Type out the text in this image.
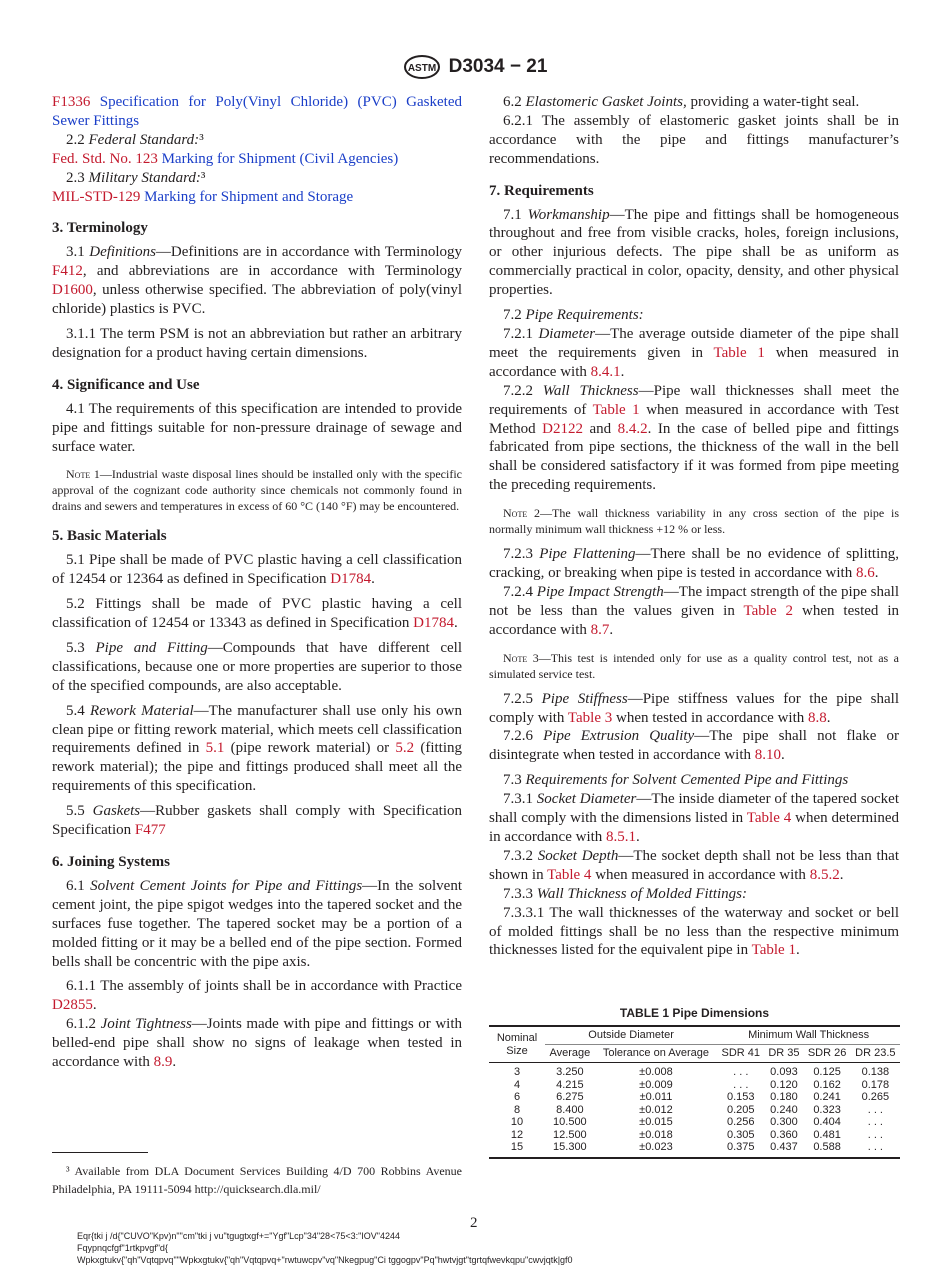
ASTM D3034 − 21

F1336 Specification for Poly(Vinyl Chloride) (PVC) Gasketed Sewer Fittings

2.2 Federal Standard:³

Fed. Std. No. 123 Marking for Shipment (Civil Agencies)

2.3 Military Standard:³

MIL-STD-129 Marking for Shipment and Storage

3. Terminology

3.1 Definitions—Definitions are in accordance with Terminology F412, and abbreviations are in accordance with Terminology D1600, unless otherwise specified. The abbreviation of poly(vinyl chloride) plastics is PVC.

3.1.1 The term PSM is not an abbreviation but rather an arbitrary designation for a product having certain dimensions.

4. Significance and Use

4.1 The requirements of this specification are intended to provide pipe and fittings suitable for non-pressure drainage of sewage and surface water.

Note 1—Industrial waste disposal lines should be installed only with the specific approval of the cognizant code authority since chemicals not commonly found in drains and sewers and temperatures in excess of 60 °C (140 °F) may be encountered.

5. Basic Materials

5.1 Pipe shall be made of PVC plastic having a cell classification of 12454 or 12364 as defined in Specification D1784.

5.2 Fittings shall be made of PVC plastic having a cell classification of 12454 or 13343 as defined in Specification D1784.

5.3 Pipe and Fitting—Compounds that have different cell classifications, because one or more properties are superior to those of the specified compounds, are also acceptable.

5.4 Rework Material—The manufacturer shall use only his own clean pipe or fitting rework material, which meets cell classification requirements defined in 5.1 (pipe rework material) or 5.2 (fitting rework material); the pipe and fittings produced shall meet all the requirements of this specification.

5.5 Gaskets—Rubber gaskets shall comply with Specification Specification F477

6. Joining Systems

6.1 Solvent Cement Joints for Pipe and Fittings—In the solvent cement joint, the pipe spigot wedges into the tapered socket and the surfaces fuse together. The tapered socket may be a portion of a molded fitting or it may be a belled end of the pipe section. Formed bells shall be concentric with the pipe axis.

6.1.1 The assembly of joints shall be in accordance with Practice D2855.

6.1.2 Joint Tightness—Joints made with pipe and fittings or with belled-end pipe shall show no signs of leakage when tested in accordance with 8.9.

6.2 Elastomeric Gasket Joints, providing a water-tight seal.

6.2.1 The assembly of elastomeric gasket joints shall be in accordance with the pipe and fittings manufacturer’s recommendations.

7. Requirements

7.1 Workmanship—The pipe and fittings shall be homogeneous throughout and free from visible cracks, holes, foreign inclusions, or other injurious defects. The pipe shall be as uniform as commercially practical in color, opacity, density, and other physical properties.

7.2 Pipe Requirements:

7.2.1 Diameter—The average outside diameter of the pipe shall meet the requirements given in Table 1 when measured in accordance with 8.4.1.

7.2.2 Wall Thickness—Pipe wall thicknesses shall meet the requirements of Table 1 when measured in accordance with Test Method D2122 and 8.4.2. In the case of belled pipe and fittings fabricated from pipe sections, the thickness of the wall in the bell shall be considered satisfactory if it was formed from pipe meeting the preceding requirements.

Note 2—The wall thickness variability in any cross section of the pipe is normally minimum wall thickness +12 % or less.

7.2.3 Pipe Flattening—There shall be no evidence of splitting, cracking, or breaking when pipe is tested in accordance with 8.6.

7.2.4 Pipe Impact Strength—The impact strength of the pipe shall not be less than the values given in Table 2 when tested in accordance with 8.7.

Note 3—This test is intended only for use as a quality control test, not as a simulated service test.

7.2.5 Pipe Stiffness—Pipe stiffness values for the pipe shall comply with Table 3 when tested in accordance with 8.8.

7.2.6 Pipe Extrusion Quality—The pipe shall not flake or disintegrate when tested in accordance with 8.10.

7.3 Requirements for Solvent Cemented Pipe and Fittings

7.3.1 Socket Diameter—The inside diameter of the tapered socket shall comply with the dimensions listed in Table 4 when determined in accordance with 8.5.1.

7.3.2 Socket Depth—The socket depth shall not be less than that shown in Table 4 when measured in accordance with 8.5.2.

7.3.3 Wall Thickness of Molded Fittings:

7.3.3.1 The wall thicknesses of the waterway and socket or bell of molded fittings shall be no less than the respective minimum thicknesses listed for the equivalent pipe in Table 1.

TABLE 1 Pipe Dimensions
Nominal Size	Outside Diameter		Minimum Wall Thickness			
	Average	Tolerance on Average	SDR 41	DR 35	SDR 26	DR 23.5
3	3.250	±0.008	. . .	0.093	0.125	0.138
4	4.215	±0.009	. . .	0.120	0.162	0.178
6	6.275	±0.011	0.153	0.180	0.241	0.265
8	8.400	±0.012	0.205	0.240	0.323	. . .
10	10.500	±0.015	0.256	0.300	0.404	. . .
12	12.500	±0.018	0.305	0.360	0.481	. . .
15	15.300	±0.023	0.375	0.437	0.588	. . .
³ Available from DLA Document Services Building 4/D 700 Robbins Avenue Philadelphia, PA 19111-5094 http://quicksearch.dla.mil/
2
Eqr{tki j /d{"CUVO"Kpv)n""cm"tki j vu"tgugtxgf+="Ygf"Lcp"34"28<75<3:"IOV"4244
Fqypnqcfgf"1rtkpvgf"d{
Wpkxgtukv{"qh"Vqtqpvq""Wpkxgtukv{"qh"Vqtqpvq+"rwtuwcpv"vq"Nkegpug"Ci tggogpv"Pq"hwtvjgt"tgrtqfwevkqpu"cwvjqtk|gf0
